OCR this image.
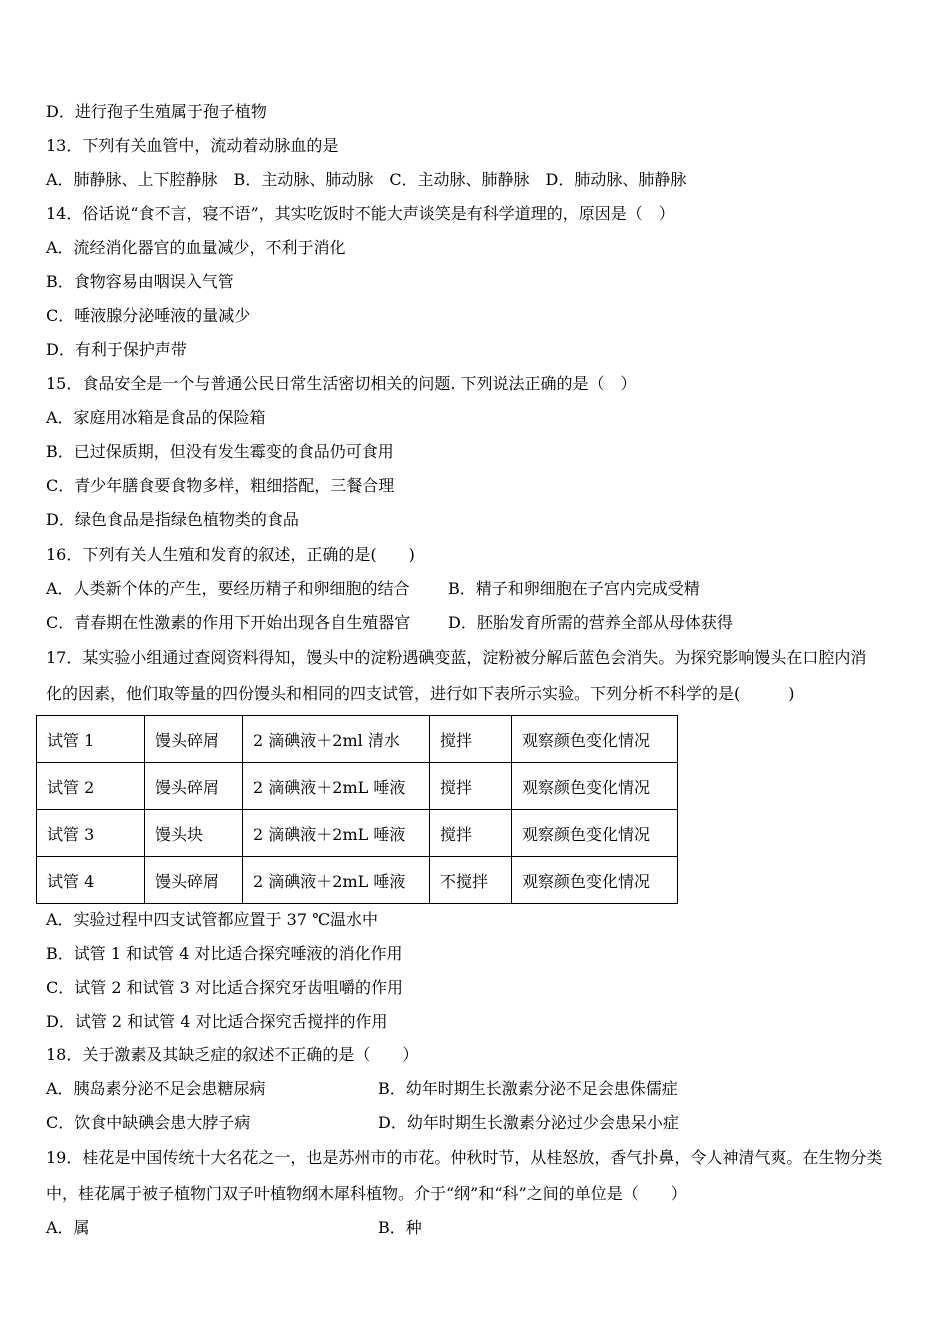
D．进行孢子生殖属于孢子植物
13．下列有关血管中，流动着动脉血的是
A．肺静脉、上下腔静脉　B．主动脉、肺动脉　C．主动脉、肺静脉　D．肺动脉、肺静脉
14．俗话说“食不言，寝不语”，其实吃饭时不能大声谈笑是有科学道理的，原因是（　）
A．流经消化器官的血量减少，不利于消化
B．食物容易由咽误入气管
C．唾液腺分泌唾液的量减少
D．有利于保护声带
15．食品安全是一个与普通公民日常生活密切相关的问题. 下列说法正确的是（　）
A．家庭用冰箱是食品的保险箱
B．已过保质期，但没有发生霉变的食品仍可食用
C．青少年膳食要食物多样，粗细搭配，三餐合理
D．绿色食品是指绿色植物类的食品
16．下列有关人生殖和发育的叙述，正确的是(　　)
A．人类新个体的产生，要经历精子和卵细胞的结合 B．精子和卵细胞在子宫内完成受精
C．青春期在性激素的作用下开始出现各自生殖器官 D．胚胎发育所需的营养全部从母体获得
17．某实验小组通过查阅资料得知，馒头中的淀粉遇碘变蓝，淀粉被分解后蓝色会消失。为探究影响馒头在口腔内消
化的因素，他们取等量的四份馒头和相同的四支试管，进行如下表所示实验。下列分析不科学的是(　　　)
试管 1	馒头碎屑	2 滴碘液＋2ml 清水	搅拌	观察颜色变化情况
试管 2	馒头碎屑	2 滴碘液＋2mL 唾液	搅拌	观察颜色变化情况
试管 3	馒头块	2 滴碘液＋2mL 唾液	搅拌	观察颜色变化情况
试管 4	馒头碎屑	2 滴碘液＋2mL 唾液	不搅拌	观察颜色变化情况
A．实验过程中四支试管都应置于 37 ℃温水中
B．试管 1 和试管 4 对比适合探究唾液的消化作用
C．试管 2 和试管 3 对比适合探究牙齿咀嚼的作用
D．试管 2 和试管 4 对比适合探究舌搅拌的作用
18．关于激素及其缺乏症的叙述不正确的是（　　）
A．胰岛素分泌不足会患糖尿病	B．幼年时期生长激素分泌不足会患侏儒症
C．饮食中缺碘会患大脖子病	D．幼年时期生长激素分泌过少会患呆小症
19．桂花是中国传统十大名花之一，也是苏州市的市花。仲秋时节，从桂怒放，香气扑鼻，令人神清气爽。在生物分类
中，桂花属于被子植物门双子叶植物纲木犀科植物。介于“纲”和“科”之间的单位是（　　）
A．属	B．种
